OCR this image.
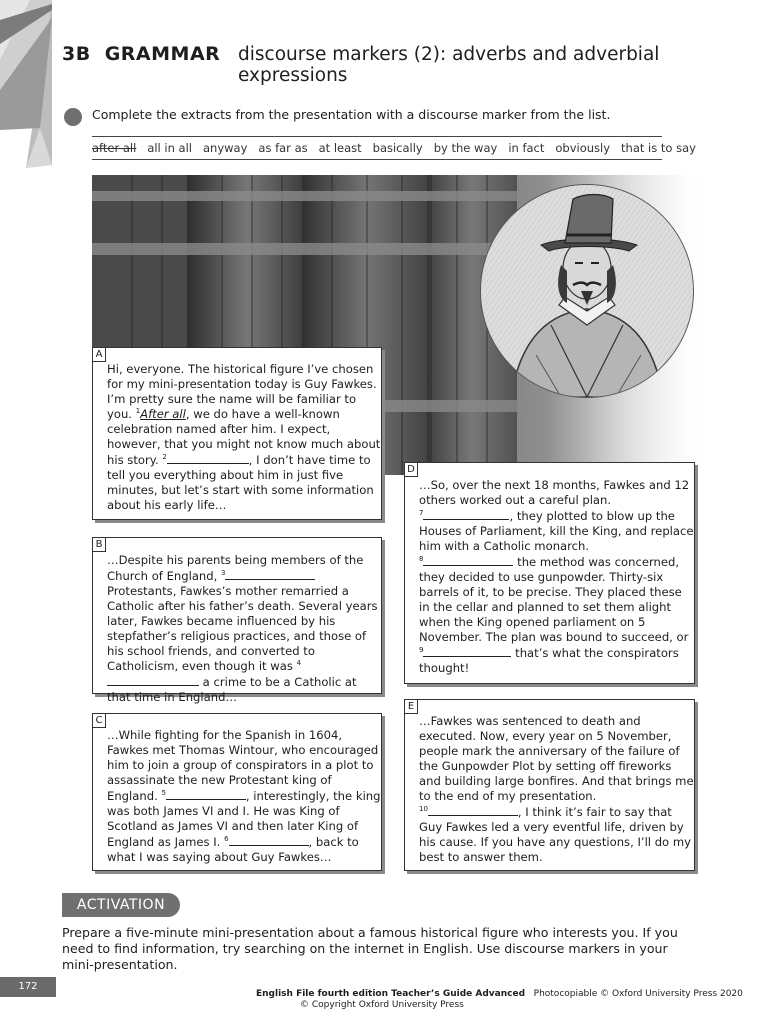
3B GRAMMAR discourse markers (2): adverbs and adverbial expressions
Complete the extracts from the presentation with a discourse marker from the list.
after all all in all anyway as far as at least basically by the way in fact obviously that is to say
A

Hi, everyone. The historical figure I’ve chosen for my mini-presentation today is Guy Fawkes. I’m pretty sure the name will be familiar to you. $^1$After all, we do have a well-known celebration named after him. I expect, however, that you might not know much about his story. $^2$	, I don’t have time to tell you everything about him in just five minutes, but let’s start with some information about his early life…

B

…Despite his parents being members of the Church of England, $^3$ Protestants, Fawkes’s mother remarried a Catholic after his father’s death. Several years later, Fawkes became influenced by his stepfather’s religious practices, and those of his school friends, and converted to Catholicism, even though it was $^4$ a crime to be a Catholic at that time in England…

C

…While fighting for the Spanish in 1604, Fawkes met Thomas Wintour, who encouraged him to join a group of conspirators in a plot to assassinate the new Protestant king of England. $^5$	, interestingly, the king was both James VI and I. He was King of Scotland as James VI and then later King of England as James I. $^6$	, back to what I was saying about Guy Fawkes…

D

…So, over the next 18 months, Fawkes and 12 others worked out a careful plan.
$^7$	, they plotted to blow up the Houses of Parliament, kill the King, and replace him with a Catholic monarch.
$^8$	the method was concerned, they decided to use gunpowder. Thirty-six barrels of it, to be precise. They placed these in the cellar and planned to set them alight when the King opened parliament on 5 November. The plan was bound to succeed, or $^9$	that’s what the conspirators thought!

E

…Fawkes was sentenced to death and executed. Now, every year on 5 November, people mark the anniversary of the failure of the Gunpowder Plot by setting off fireworks and building large bonfires. And that brings me to the end of my presentation.
$^{10}$	, I think it’s fair to say that Guy Fawkes led a very eventful life, driven by his cause. If you have any questions, I’ll do my best to answer them.

ACTIVATION
Prepare a five-minute mini-presentation about a famous historical figure who interests you. If you need to find information, try searching on the internet in English. Use discourse markers in your mini-presentation.
172
English File fourth edition Teacher’s Guide Advanced Photocopiable © Oxford University Press 2020
© Copyright Oxford University Press
